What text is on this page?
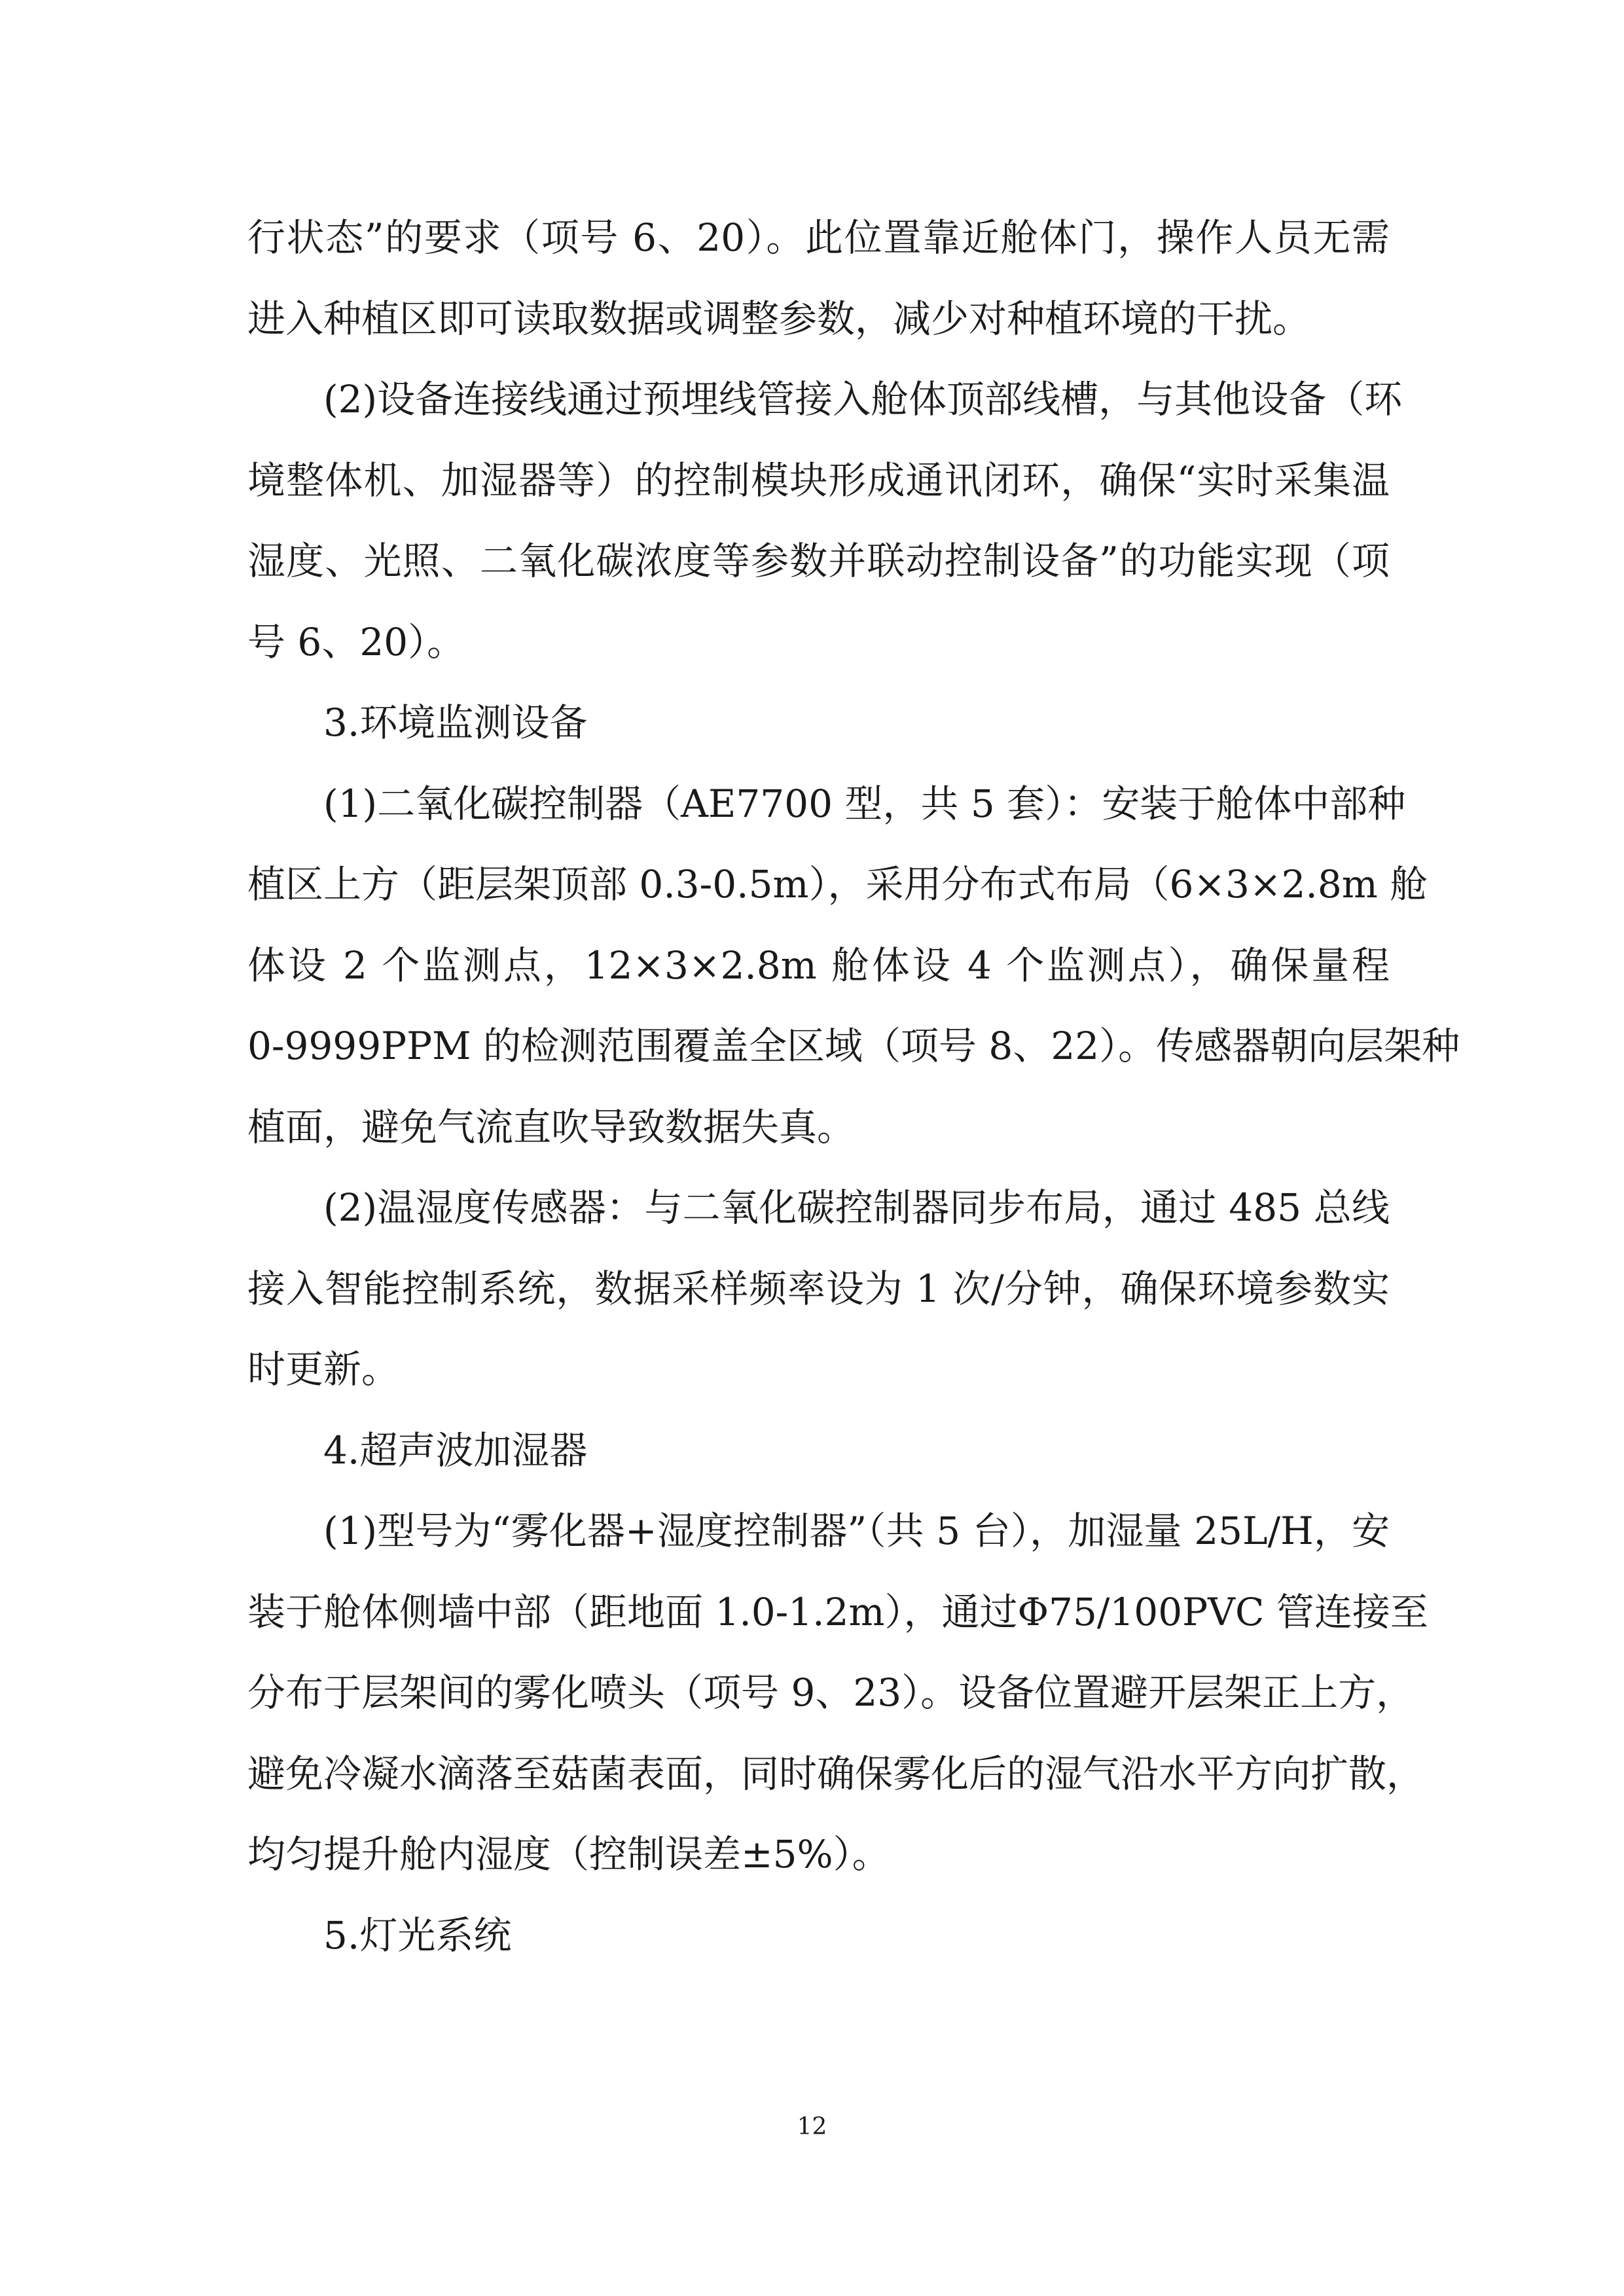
行状态”的要求（项号 6、20）。此位置靠近舱体门，操作人员无需
进入种植区即可读取数据或调整参数，减少对种植环境的干扰。
(2)设备连接线通过预埋线管接入舱体顶部线槽，与其他设备（环
境整体机、加湿器等）的控制模块形成通讯闭环，确保“实时采集温
湿度、光照、二氧化碳浓度等参数并联动控制设备”的功能实现（项
号 6、20）。
3.环境监测设备
(1)二氧化碳控制器（AE7700 型，共 5 套）：安装于舱体中部种
植区上方（距层架顶部 0.3-0.5m），采用分布式布局（6×3×2.8m 舱
体设 2 个监测点，12×3×2.8m 舱体设 4 个监测点），确保量程
0-9999PPM 的检测范围覆盖全区域（项号 8、22）。传感器朝向层架种
植面，避免气流直吹导致数据失真。
(2)温湿度传感器：与二氧化碳控制器同步布局，通过 485 总线
接入智能控制系统，数据采样频率设为 1 次/分钟，确保环境参数实
时更新。
4.超声波加湿器
(1)型号为“雾化器+湿度控制器”（共 5 台），加湿量 25L/H，安
装于舱体侧墙中部（距地面 1.0-1.2m），通过Φ75/100PVC 管连接至
分布于层架间的雾化喷头（项号 9、23）。设备位置避开层架正上方，
避免冷凝水滴落至菇菌表面，同时确保雾化后的湿气沿水平方向扩散，
均匀提升舱内湿度（控制误差±5%）。
5.灯光系统
12
